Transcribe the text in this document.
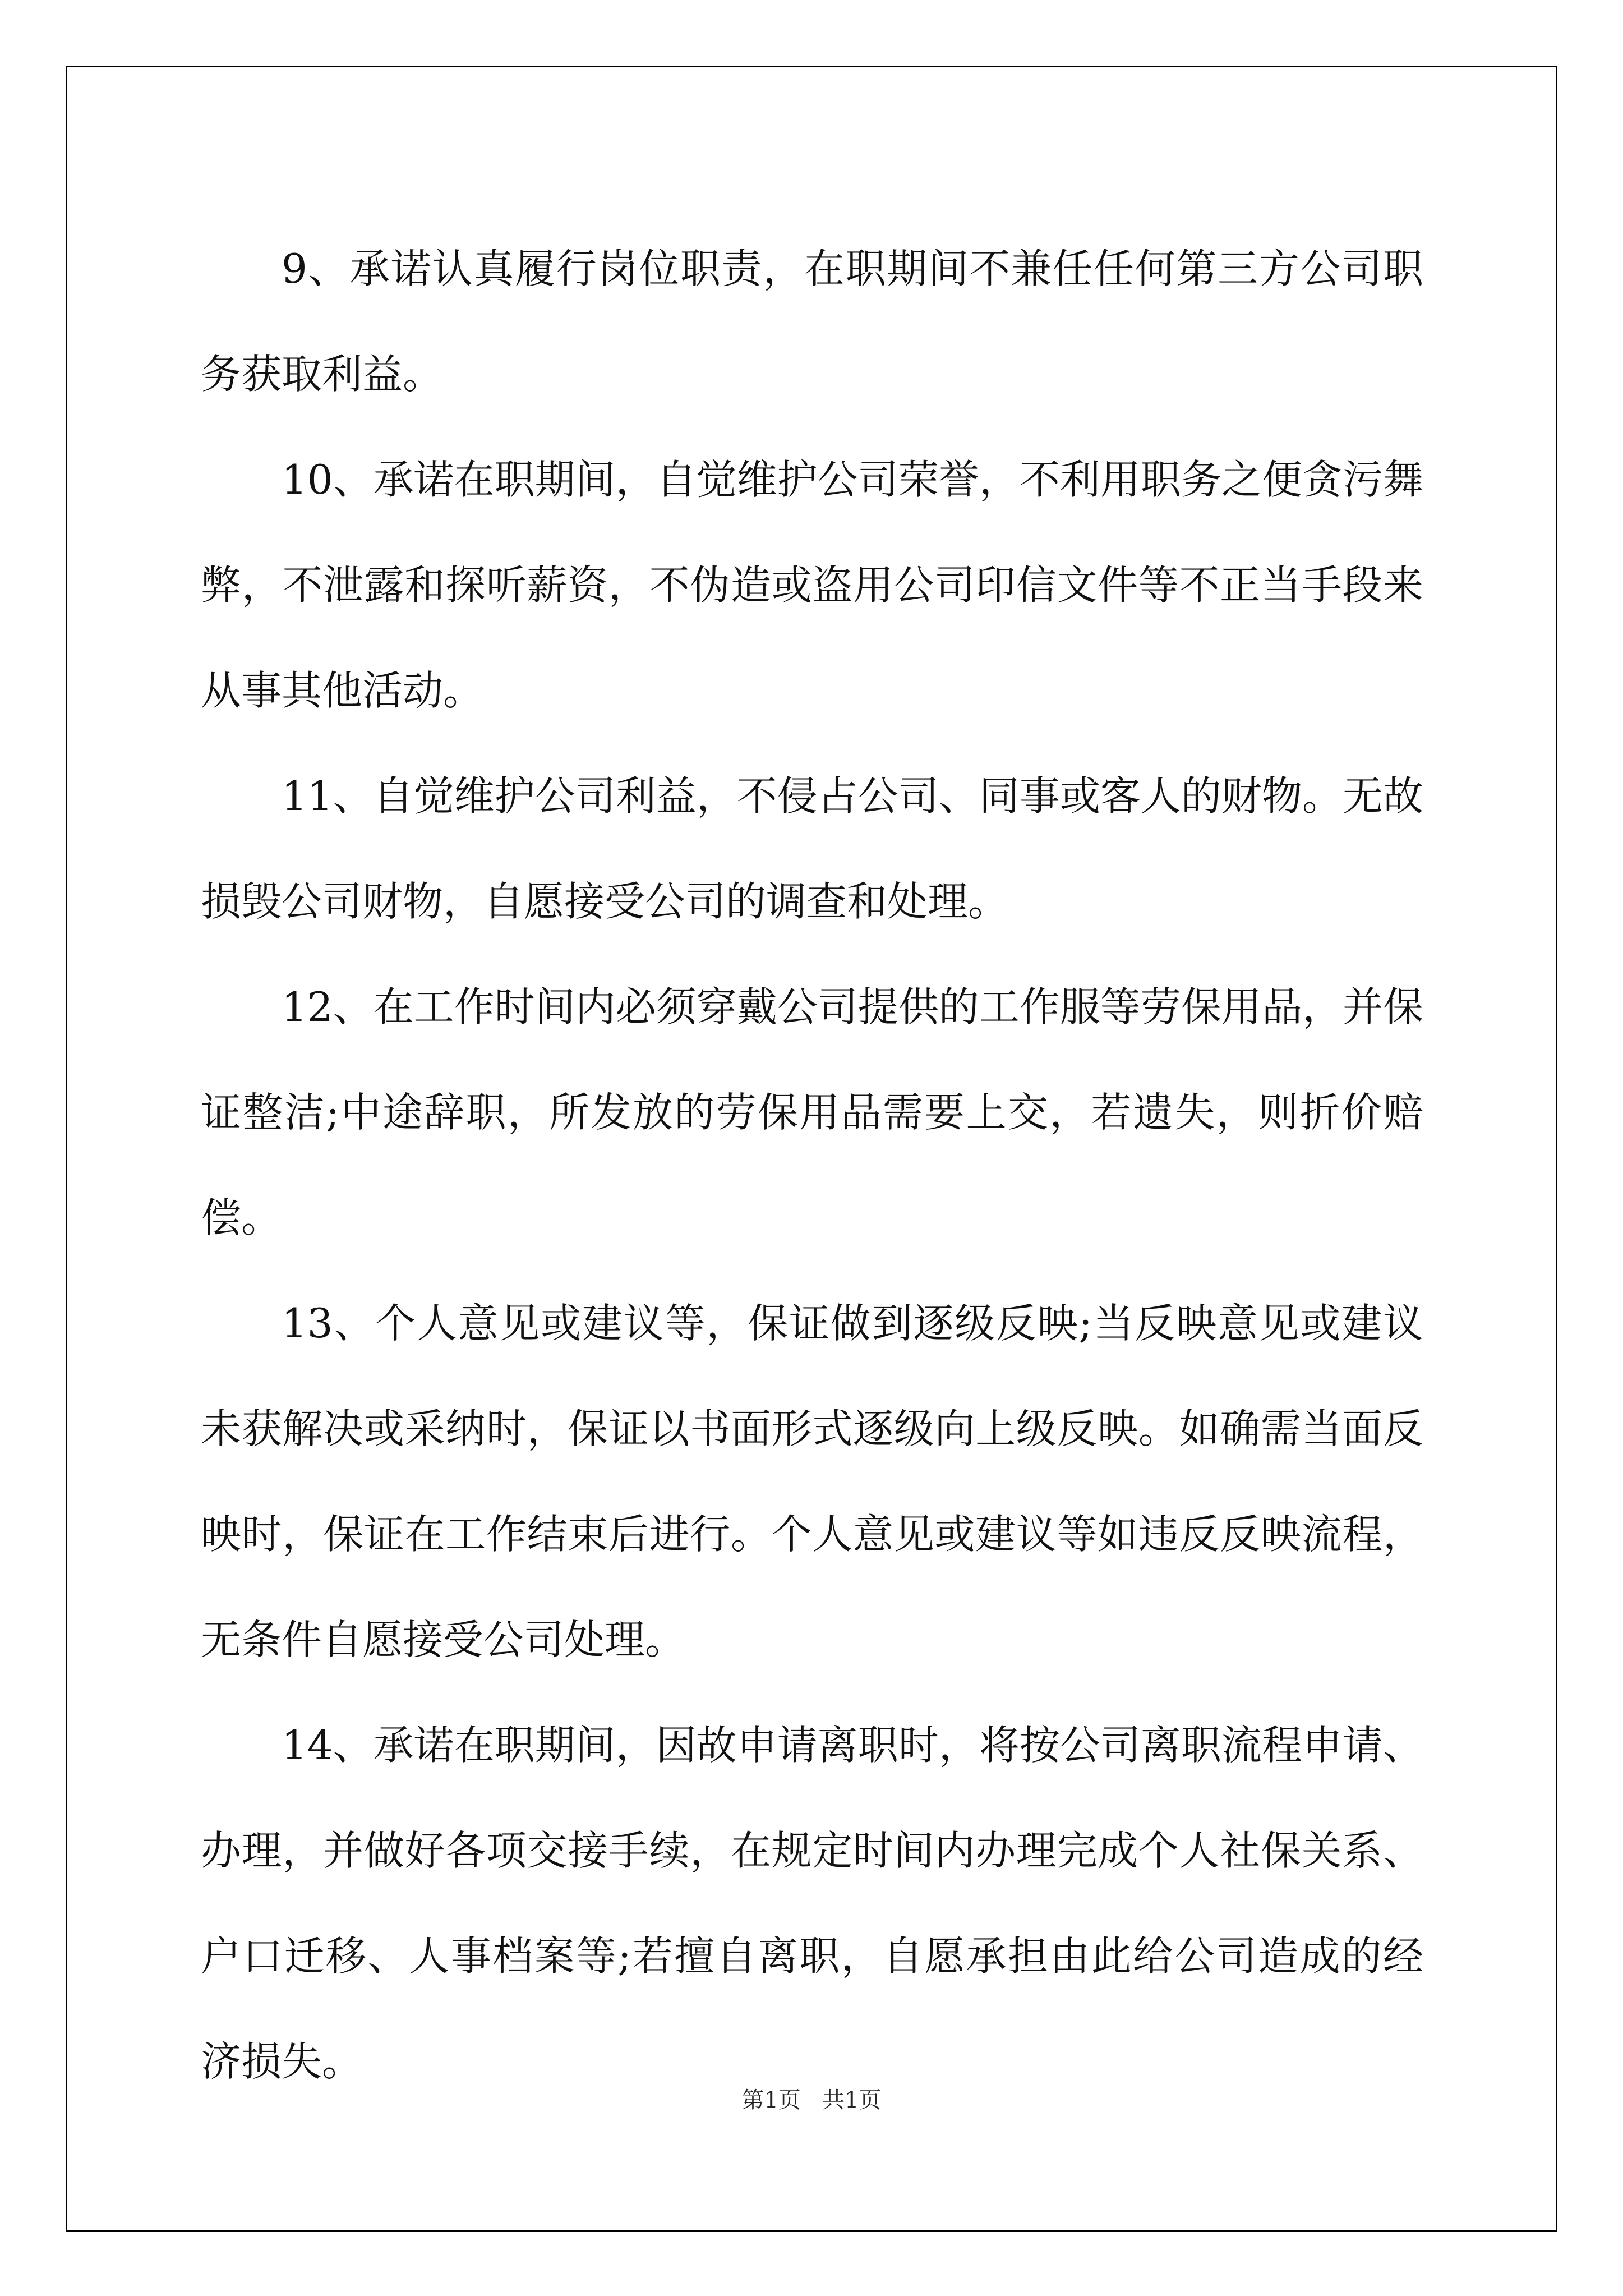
9、承诺认真履行岗位职责，在职期间不兼任任何第三方公司职务获取利益。

10、承诺在职期间，自觉维护公司荣誉，不利用职务之便贪污舞弊，不泄露和探听薪资，不伪造或盗用公司印信文件等不正当手段来从事其他活动。

11、自觉维护公司利益，不侵占公司、同事或客人的财物。无故损毁公司财物，自愿接受公司的调查和处理。

12、在工作时间内必须穿戴公司提供的工作服等劳保用品，并保证整洁;中途辞职，所发放的劳保用品需要上交，若遗失，则折价赔偿。

13、个人意见或建议等，保证做到逐级反映;当反映意见或建议未获解决或采纳时，保证以书面形式逐级向上级反映。如确需当面反映时，保证在工作结束后进行。个人意见或建议等如违反反映流程，无条件自愿接受公司处理。

14、承诺在职期间，因故申请离职时，将按公司离职流程申请、办理，并做好各项交接手续，在规定时间内办理完成个人社保关系、户口迁移、人事档案等;若擅自离职，自愿承担由此给公司造成的经济损失。

第1页   共1页
